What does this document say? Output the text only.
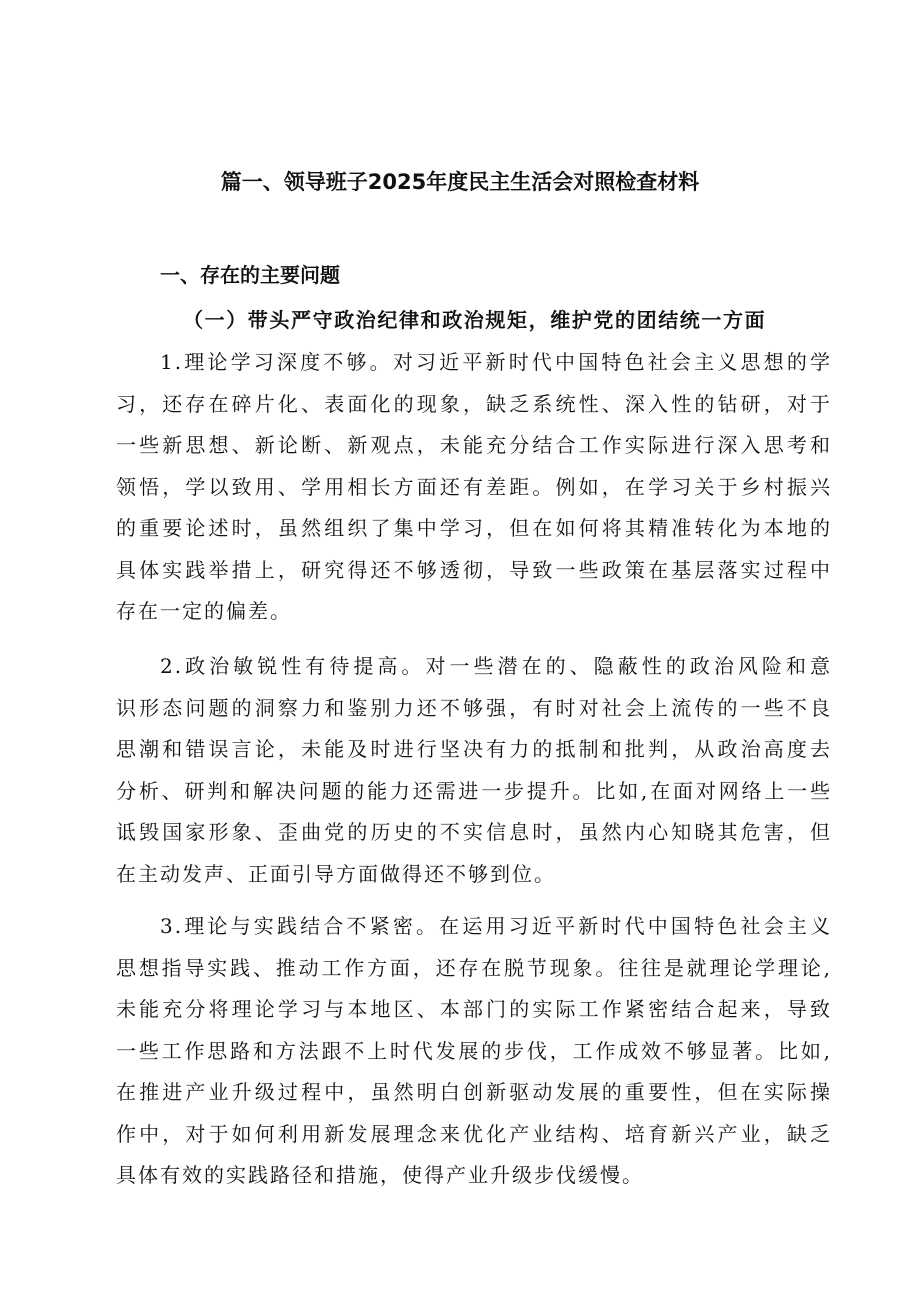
篇一、领导班子2025年度民主生活会对照检查材料
一、存在的主要问题
（一）带头严守政治纪律和政治规矩，维护党的团结统一方面
1.理论学习深度不够。对习近平新时代中国特色社会主义思想的学
习，还存在碎片化、表面化的现象，缺乏系统性、深入性的钻研，对于
一些新思想、新论断、新观点，未能充分结合工作实际进行深入思考和
领悟，学以致用、学用相长方面还有差距。例如，在学习关于乡村振兴
的重要论述时，虽然组织了集中学习，但在如何将其精准转化为本地的
具体实践举措上，研究得还不够透彻，导致一些政策在基层落实过程中
存在一定的偏差。
2.政治敏锐性有待提高。对一些潜在的、隐蔽性的政治风险和意
识形态问题的洞察力和鉴别力还不够强，有时对社会上流传的一些不良
思潮和错误言论，未能及时进行坚决有力的抵制和批判，从政治高度去
分析、研判和解决问题的能力还需进一步提升。比如,在面对网络上一些
诋毁国家形象、歪曲党的历史的不实信息时，虽然内心知晓其危害，但
在主动发声、正面引导方面做得还不够到位。
3.理论与实践结合不紧密。在运用习近平新时代中国特色社会主义
思想指导实践、推动工作方面，还存在脱节现象。往往是就理论学理论,
未能充分将理论学习与本地区、本部门的实际工作紧密结合起来，导致
一些工作思路和方法跟不上时代发展的步伐，工作成效不够显著。比如,
在推进产业升级过程中，虽然明白创新驱动发展的重要性，但在实际操
作中，对于如何利用新发展理念来优化产业结构、培育新兴产业，缺乏
具体有效的实践路径和措施，使得产业升级步伐缓慢。
